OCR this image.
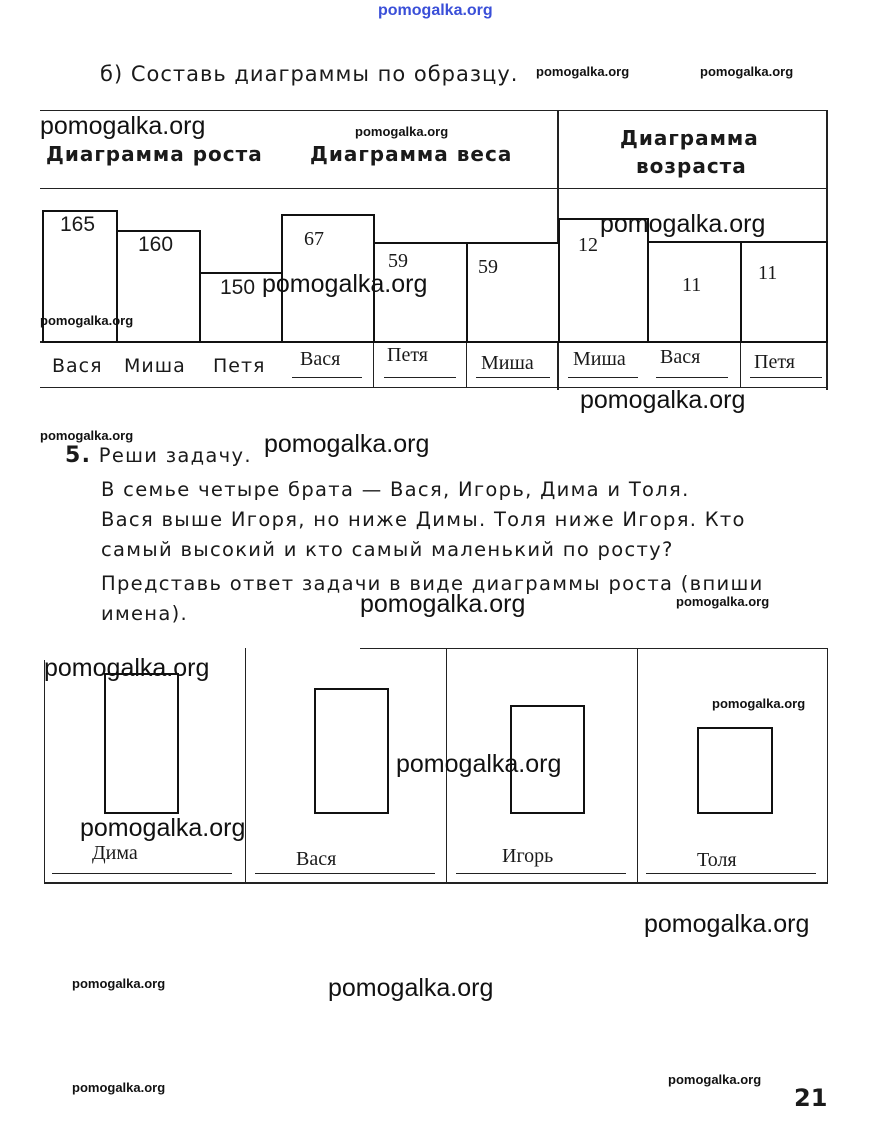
pomogalka.org
б) Составь диаграммы по образцу.
Диаграмма роста Диаграмма веса
Диаграмма
возраста
165
160
150
67
59	59
12
11
11
Вася Миша Петя Вася Петя	Миша Миша Вася	Петя
5. Реши задачу.
В семье четыре брата — Вася, Игорь, Дима и Толя.
Вася выше Игоря, но ниже Димы. Толя ниже Игоря. Кто
самый высокий и кто самый маленький по росту?
Представь ответ задачи в виде диаграммы роста (впиши
имена).
Дима	Вася	Игорь	Толя
21
pomogalka.org	pomogalka.org
pomogalka.org	pomogalka.org
pomogalka.org
pomogalka.org
pomogalka.org
pomogalka.org
pomogalka.org	pomogalka.org
pomogalka.org	pomogalka.org
pomogalka.org
pomogalka.org
pomogalka.org
pomogalka.org
pomogalka.org
pomogalka.org	pomogalka.org
pomogalka.org
pomogalka.org
